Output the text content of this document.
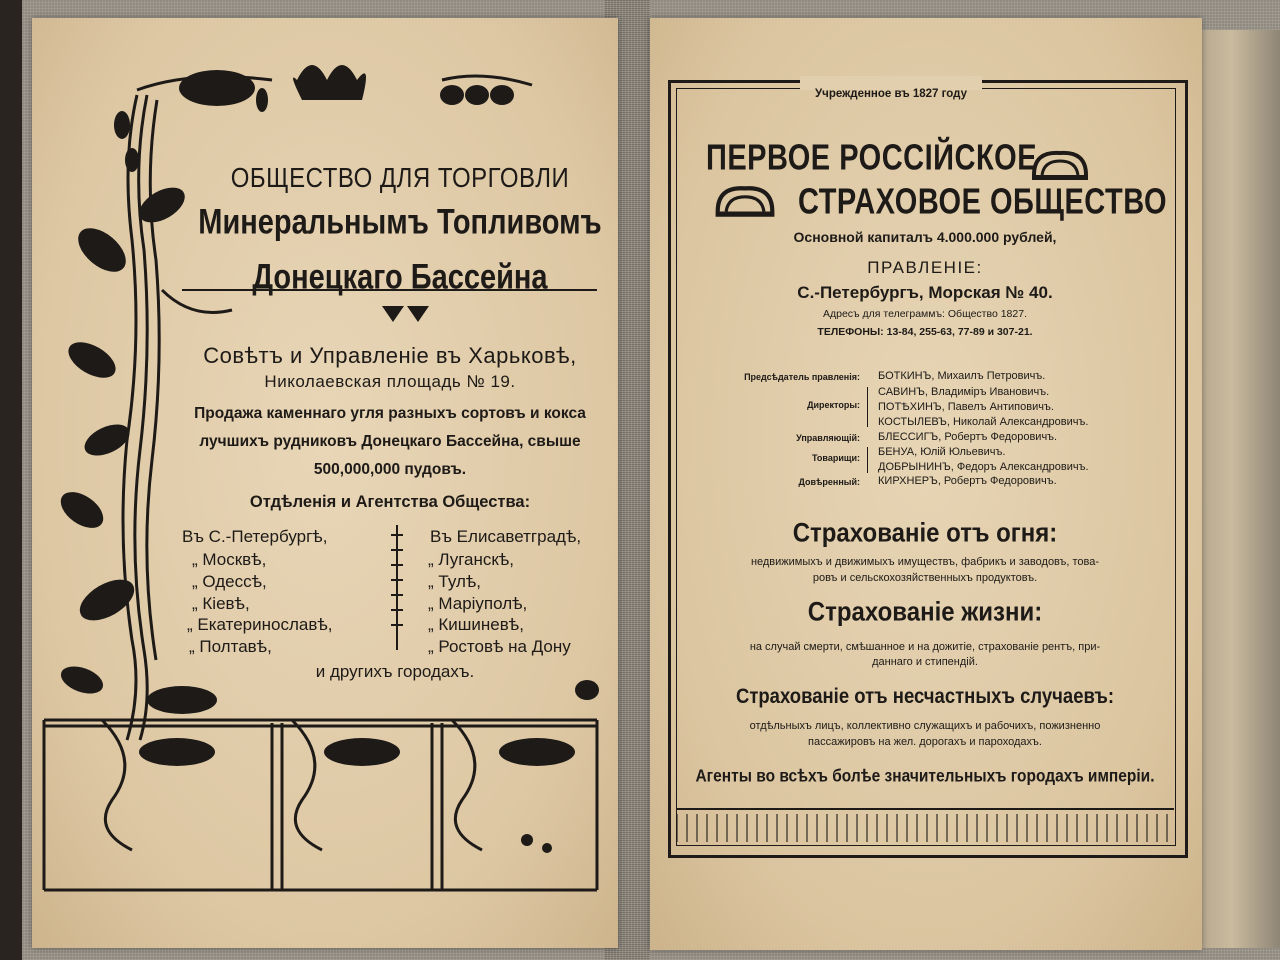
ОБЩЕСТВО ДЛЯ ТОРГОВЛИ
Минеральнымъ Топливомъ
Донецкаго Бассейна
Совѣтъ и Управленіе въ Харьковѣ,
Николаевская площадь № 19.
Продажа каменнаго угля разныхъ сортовъ и кокса
лучшихъ рудниковъ Донецкаго Бассейна, свыше
500,000,000 пудовъ.
Отдѣленія и Агентства Общества:
Въ С.-Петербургѣ,
„ Москвѣ,
„ Одессѣ,
„ Кіевѣ,
„ Екатеринославѣ,
„ Полтавѣ,
Въ Елисаветградѣ,
„ Луганскѣ,
„ Тулѣ,
„ Маріуполѣ,
„ Кишиневѣ,
„ Ростовѣ на Дону
и другихъ городахъ.
Учрежденное въ 1827 году
ПЕРВОЕ РОССІЙСКОЕ
СТРАХОВОЕ ОБЩЕСТВО
Основной капиталъ 4.000.000 рублей,
ПРАВЛЕНІЕ:
С.-Петербургъ, Морская № 40.
Адресъ для телеграммъ: Общество 1827.
ТЕЛЕФОНЫ: 13-84, 255-63, 77-89 и 307-21.
Предсѣдатель правленія: БОТКИНЪ, Михаилъ Петровичъ.
Директоры:
САВИНЪ, Владиміръ Ивановичъ.
ПОТѢХИНЪ, Павелъ Антиповичъ.
КОСТЫЛЕВЪ, Николай Александровичъ.
Управляющій: БЛЕССИГЪ, Робертъ Федоровичъ.
Товарищи: БЕНУА, Юлій Юльевичъ.
ДОБРЫНИНЪ, Федоръ Александровичъ.
Довѣренный: КИРХНЕРЪ, Робертъ Федоровичъ.
Страхованіе отъ огня:
недвижимыхъ и движимыхъ имуществъ, фабрикъ и заводовъ, това-
ровъ и сельскохозяйственныхъ продуктовъ.
Страхованіе жизни:
на случай смерти, смѣшанное и на дожитіе, страхованіе рентъ, при-
даннаго и стипендій.
Страхованіе отъ несчастныхъ случаевъ:
отдѣльныхъ лицъ, коллективно служащихъ и рабочихъ, пожизненно
пассажировъ на жел. дорогахъ и пароходахъ.
Агенты во всѣхъ болѣе значительныхъ городахъ имперіи.
